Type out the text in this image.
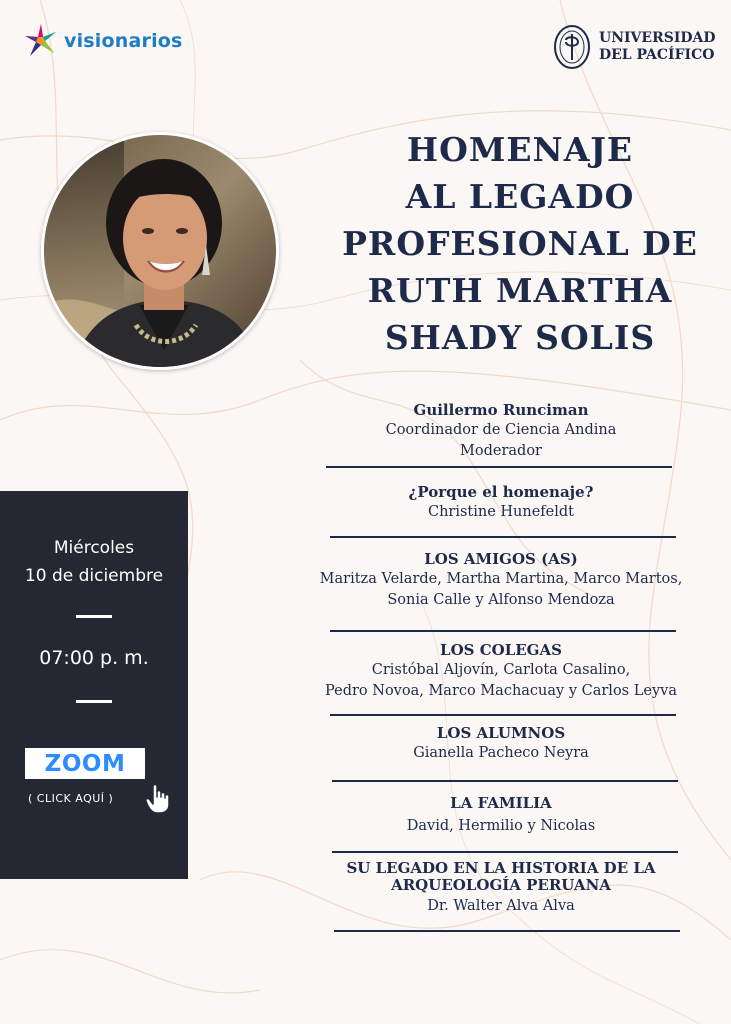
visionarios	UNIVERSIDAD
DEL PACÍFICO
HOMENAJE
AL LEGADO
PROFESIONAL DE
RUTH MARTHA
SHADY SOLIS
Miércoles
10 de diciembre
07:00 p. m.
ZOOM
( CLICK AQUÍ )
Guillermo Runciman
Coordinador de Ciencia Andina
Moderador
¿Porque el homenaje?
Christine Hunefeldt
LOS AMIGOS (AS)
Maritza Velarde, Martha Martina, Marco Martos,
Sonia Calle y Alfonso Mendoza
LOS COLEGAS
Cristóbal Aljovín, Carlota Casalino,
Pedro Novoa, Marco Machacuay y Carlos Leyva
LOS ALUMNOS
Gianella Pacheco Neyra
LA FAMILIA
David, Hermilio y Nicolas
SU LEGADO EN LA HISTORIA DE LA
ARQUEOLOGÍA PERUANA
Dr. Walter Alva Alva
